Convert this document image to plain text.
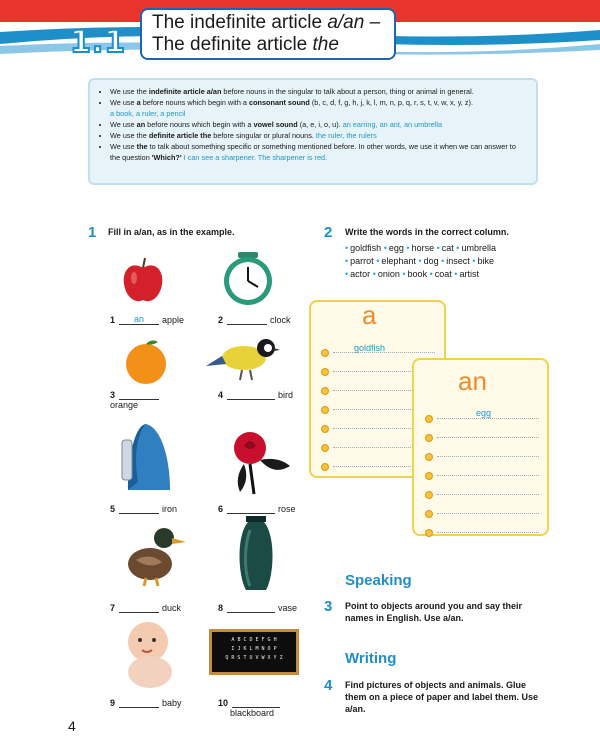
1.1
The indefinite article a/an –
The definite article the
• We use the indefinite article a/an before nouns in the singular to talk about a person, thing or animal in general.
• We use a before nouns which begin with a consonant sound (b, c, d, f, g, h, j, k, l, m, n, p, q, r, s, t, v, w, x, y, z).
a book, a ruler, a pencil
• We use an before nouns which begin with a vowel sound (a, e, i, o, u). an earring, an ant, an umbrella
• We use the definite article the before singular or plural nouns. the ruler, the rulers
• We use the to talk about something specific or something mentioned before. In other words, we use it when we can answer to the question 'Which?' I can see a sharpener. The sharpener is red.
1 Fill in a/an, as in the example.	2 Write the words in the correct column.
• goldfish • egg • horse • cat • umbrella
• parrot • elephant • dog • insect • bike
• actor • onion • book • coat • artist
A B C D E F G H
I J K L M N O P
Q R S T U V W X Y Z
1 an apple	2	clock
3
orange
4	bird
5	iron	6	rose
7	duck	8	vase
9	baby	10
blackboard
a
goldfish
an
egg
Speaking
3 Point to objects around you and say their names in English. Use a/an.
Writing
4 Find pictures of objects and animals. Glue them on a piece of paper and label them. Use a/an.
4
